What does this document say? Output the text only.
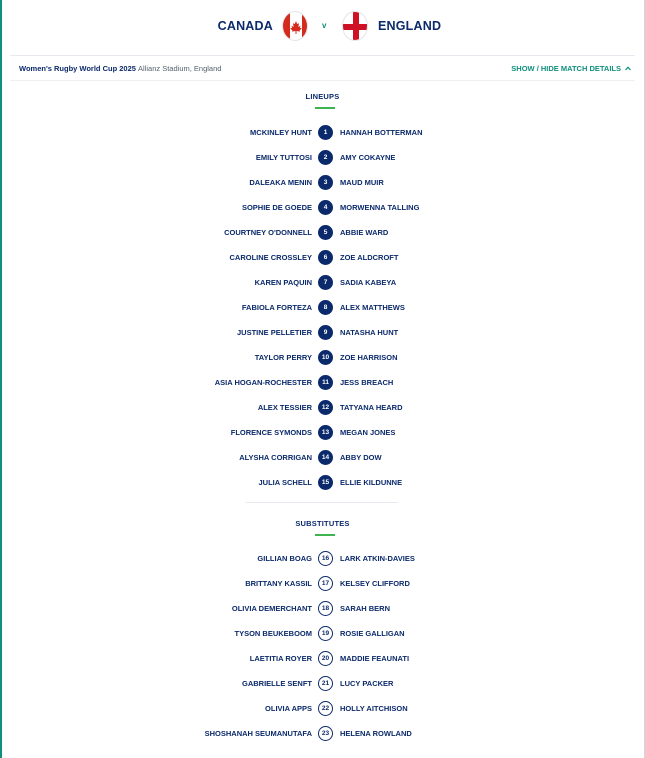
CANADA	v	ENGLAND
Women's Rugby World Cup 2025 Allianz Stadium, England	SHOW / HIDE MATCH DETAILS
LINEUPS
MCKINLEY HUNT	1	HANNAH BOTTERMAN
EMILY TUTTOSI	2	AMY COKAYNE
DALEAKA MENIN	3	MAUD MUIR
SOPHIE DE GOEDE	4	MORWENNA TALLING
COURTNEY O'DONNELL	5	ABBIE WARD
CAROLINE CROSSLEY	6	ZOE ALDCROFT
KAREN PAQUIN	7	SADIA KABEYA
FABIOLA FORTEZA	8	ALEX MATTHEWS
JUSTINE PELLETIER	9	NATASHA HUNT
TAYLOR PERRY	10	ZOE HARRISON
ASIA HOGAN-ROCHESTER	11	JESS BREACH
ALEX TESSIER	12	TATYANA HEARD
FLORENCE SYMONDS	13	MEGAN JONES
ALYSHA CORRIGAN	14	ABBY DOW
JULIA SCHELL	15	ELLIE KILDUNNE
SUBSTITUTES
GILLIAN BOAG	16	LARK ATKIN-DAVIES
BRITTANY KASSIL	17	KELSEY CLIFFORD
OLIVIA DEMERCHANT	18	SARAH BERN
TYSON BEUKEBOOM	19	ROSIE GALLIGAN
LAETITIA ROYER	20	MADDIE FEAUNATI
GABRIELLE SENFT	21	LUCY PACKER
OLIVIA APPS	22	HOLLY AITCHISON
SHOSHANAH SEUMANUTAFA	23	HELENA ROWLAND
